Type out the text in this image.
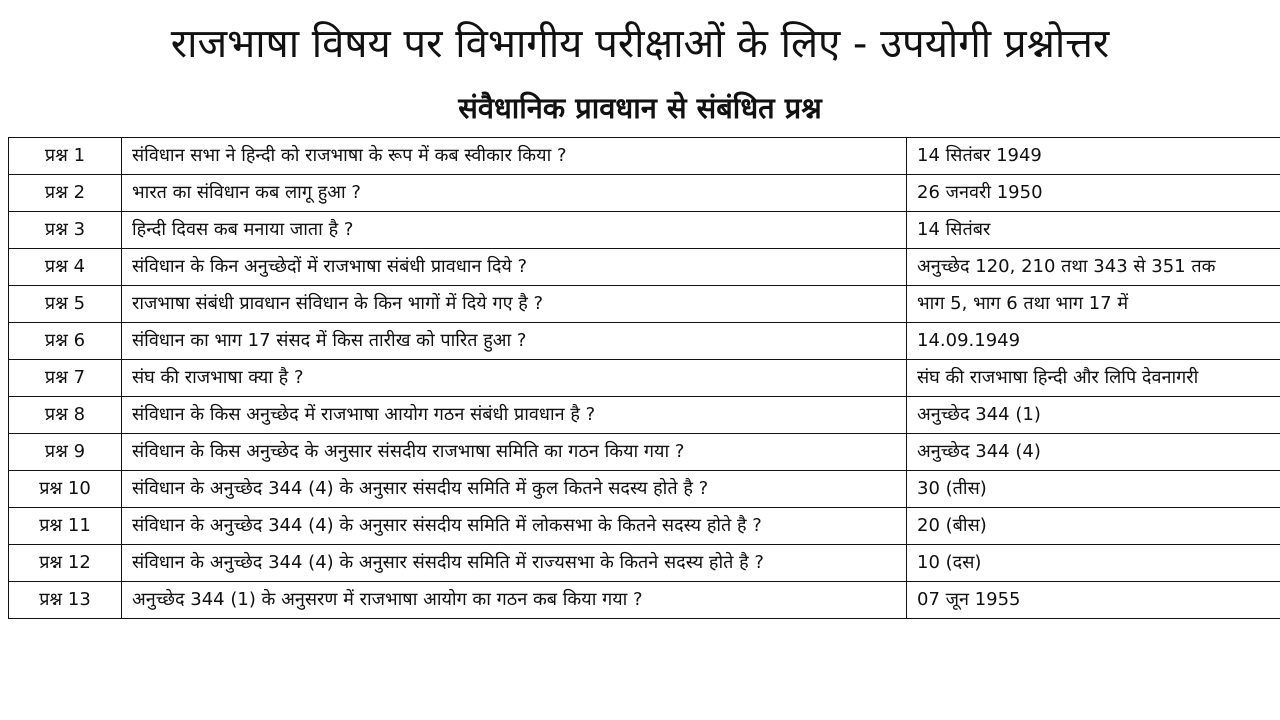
राजभाषा विषय पर विभागीय परीक्षाओं के लिए - उपयोगी प्रश्नोत्तर
संवैधानिक प्रावधान से संबंधित प्रश्न
प्रश्न 1	संविधान सभा ने हिन्दी को राजभाषा के रूप में कब स्वीकार किया ?	14 सितंबर 1949
प्रश्न 2	भारत का संविधान कब लागू हुआ ?	26 जनवरी 1950
प्रश्न 3	हिन्दी दिवस कब मनाया जाता है ?	14 सितंबर
प्रश्न 4	संविधान के किन अनुच्छेदों में राजभाषा संबंधी प्रावधान दिये ?	अनुच्छेद 120, 210 तथा 343 से 351 तक
प्रश्न 5	राजभाषा संबंधी प्रावधान संविधान के किन भागों में दिये गए है ?	भाग 5, भाग 6 तथा भाग 17 में
प्रश्न 6	संविधान का भाग 17 संसद में किस तारीख को पारित हुआ ?	14.09.1949
प्रश्न 7	संघ की राजभाषा क्या है ?	संघ की राजभाषा हिन्दी और लिपि देवनागरी
प्रश्न 8	संविधान के किस अनुच्छेद में राजभाषा आयोग गठन संबंधी प्रावधान है ?	अनुच्छेद 344 (1)
प्रश्न 9	संविधान के किस अनुच्छेद के अनुसार संसदीय राजभाषा समिति का गठन किया गया ?	अनुच्छेद 344 (4)
प्रश्न 10	संविधान के अनुच्छेद 344 (4) के अनुसार संसदीय समिति में कुल कितने सदस्य होते है ?	30 (तीस)
प्रश्न 11	संविधान के अनुच्छेद 344 (4) के अनुसार संसदीय समिति में लोकसभा के कितने सदस्य होते है ?	20 (बीस)
प्रश्न 12	संविधान के अनुच्छेद 344 (4) के अनुसार संसदीय समिति में राज्यसभा के कितने सदस्य होते है ?	10 (दस)
प्रश्न 13	अनुच्छेद 344 (1) के अनुसरण में राजभाषा आयोग का गठन कब किया गया ?	07 जून 1955
